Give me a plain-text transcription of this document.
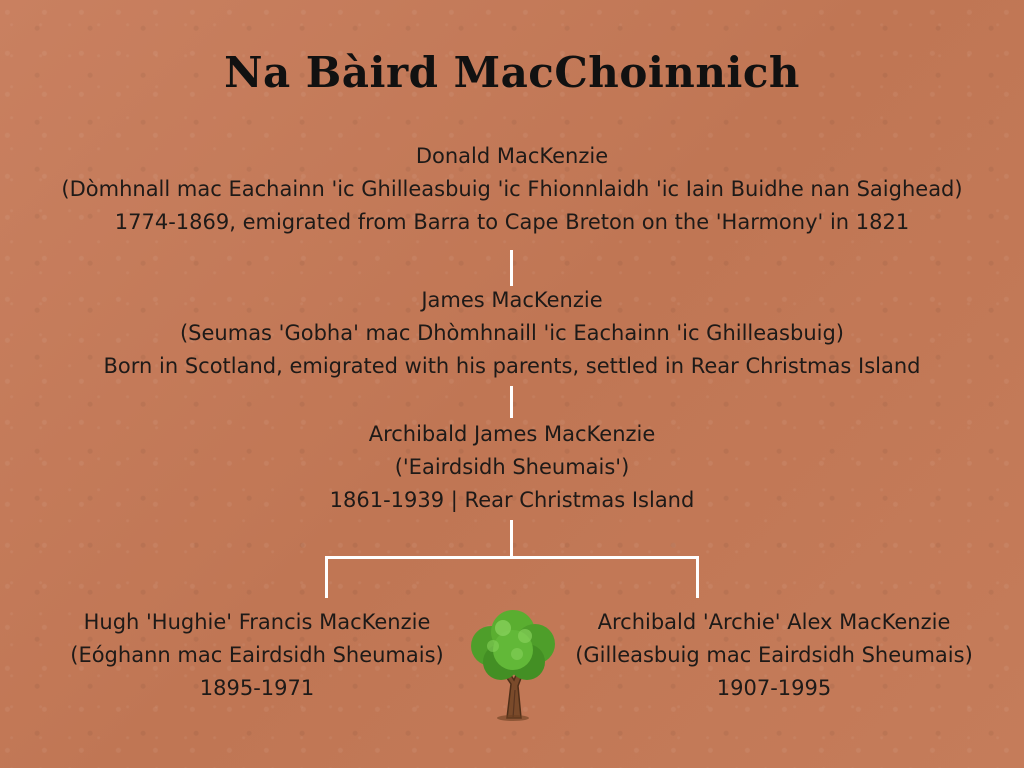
Na Bàird MacChoinnich
Donald MacKenzie
(Dòmhnall mac Eachainn 'ic Ghilleasbuig 'ic Fhionnlaidh 'ic Iain Buidhe nan Saighead)
1774-1869, emigrated from Barra to Cape Breton on the 'Harmony' in 1821
James MacKenzie
(Seumas 'Gobha' mac Dhòmhnaill 'ic Eachainn 'ic Ghilleasbuig)
Born in Scotland, emigrated with his parents, settled in Rear Christmas Island
Archibald James MacKenzie
('Eairdsidh Sheumais')
1861-1939 | Rear Christmas Island
Hugh 'Hughie' Francis MacKenzie
(Eóghann mac Eairdsidh Sheumais)
1895-1971
Archibald 'Archie' Alex MacKenzie
(Gilleasbuig mac Eairdsidh Sheumais)
1907-1995
